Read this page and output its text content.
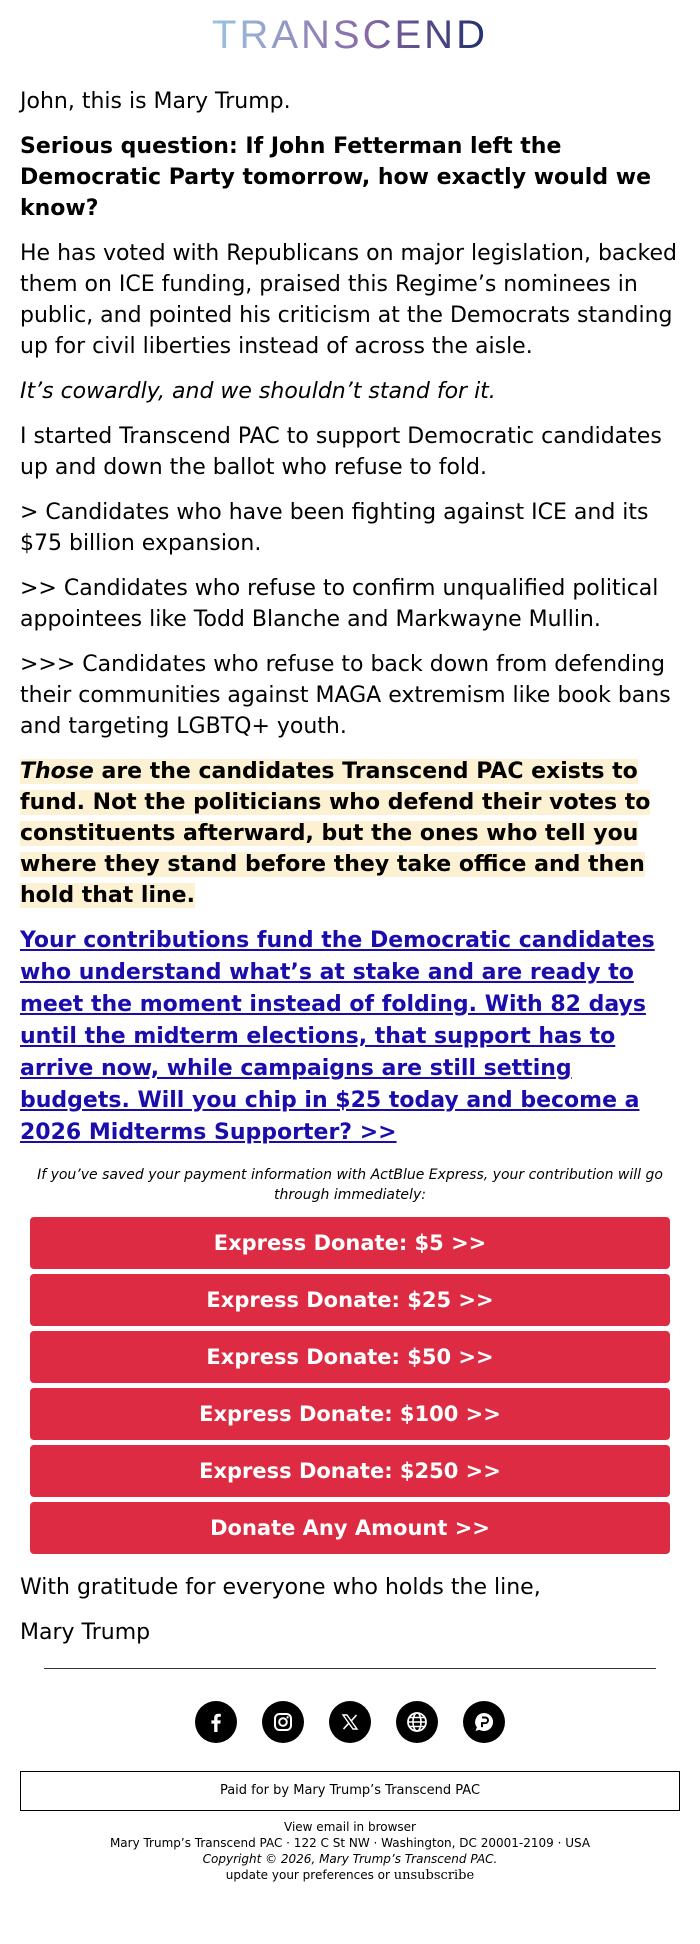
TRANSCEND

John, this is Mary Trump.

Serious question: If John Fetterman left the Democratic Party tomorrow, how exactly would we know?

He has voted with Republicans on major legislation, backed them on ICE funding, praised this Regime’s nominees in public, and pointed his criticism at the Democrats standing up for civil liberties instead of across the aisle.

It’s cowardly, and we shouldn’t stand for it.

I started Transcend PAC to support Democratic candidates up and down the ballot who refuse to fold.

> Candidates who have been fighting against ICE and its $75 billion expansion.

>> Candidates who refuse to confirm unqualified political appointees like Todd Blanche and Markwayne Mullin.

>>> Candidates who refuse to back down from defending their communities against MAGA extremism like book bans and targeting LGBTQ+ youth.

Those are the candidates Transcend PAC exists to fund. Not the politicians who defend their votes to constituents afterward, but the ones who tell you where they stand before they take office and then hold that line.

Your contributions fund the Democratic candidates who understand what’s at stake and are ready to meet the moment instead of folding. With 82 days until the midterm elections, that support has to arrive now, while campaigns are still setting budgets. Will you chip in $25 today and become a 2026 Midterms Supporter? >>

If you’ve saved your payment information with ActBlue Express, your contribution will go through immediately:

Express Donate: $5 >>
Express Donate: $25 >>
Express Donate: $50 >>
Express Donate: $100 >>
Express Donate: $250 >>
Donate Any Amount >>

With gratitude for everyone who holds the line,

Mary Trump

Paid for by Mary Trump’s Transcend PAC
View email in browser
Mary Trump’s Transcend PAC · 122 C St NW · Washington, DC 20001-2109 · USA
Copyright © 2026, Mary Trump’s Transcend PAC.
update your preferences or unsubscribe
